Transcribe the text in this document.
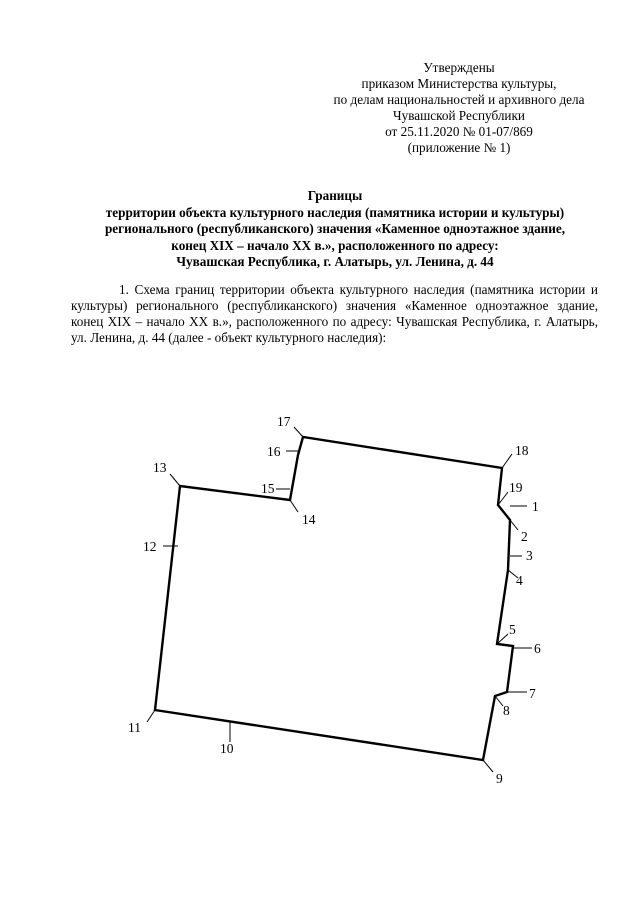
Утверждены
приказом Министерства культуры,
по делам национальностей и архивного дела
Чувашской Республики
от 25.11.2020 № 01-07/869
(приложение № 1)
Границы
территории объекта культурного наследия (памятника истории и культуры)
регионального (республиканского) значения «Каменное одноэтажное здание,
конец XIX – начало XX в.», расположенного по адресу:
Чувашская Республика, г. Алатырь, ул. Ленина, д. 44

1. Схема границ территории объекта культурного наследия (памятника истории и культуры) регионального (республиканского) значения «Каменное одноэтажное здание, конец XIX – начало XX в.», расположенного по адресу: Чувашская Республика, г. Алатырь, ул. Ленина, д. 44 (далее - объект культурного наследия):

1
2
3
4
5
6
7
8
9
10
11
12
13
14
15
16
17
18
19
